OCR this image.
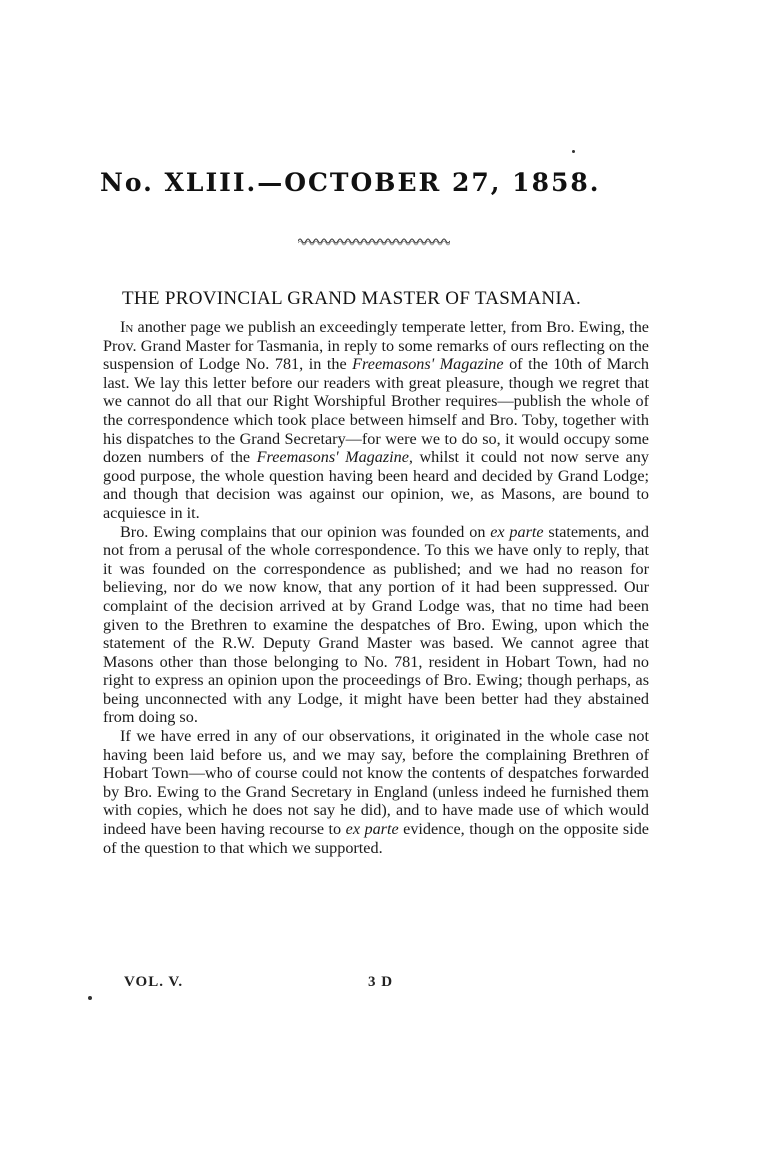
No. XLIII.—OCTOBER 27, 1858.
THE PROVINCIAL GRAND MASTER OF TASMANIA.

In another page we publish an exceedingly temperate letter, from Bro. Ewing, the Prov. Grand Master for Tasmania, in reply to some remarks of ours reflecting on the suspension of Lodge No. 781, in the Freemasons' Magazine of the 10th of March last. We lay this letter before our readers with great pleasure, though we regret that we cannot do all that our Right Worshipful Brother requires—publish the whole of the correspondence which took place between himself and Bro. Toby, together with his dispatches to the Grand Secretary—for were we to do so, it would occupy some dozen numbers of the Freemasons' Magazine, whilst it could not now serve any good purpose, the whole question having been heard and decided by Grand Lodge; and though that decision was against our opinion, we, as Masons, are bound to acquiesce in it.

Bro. Ewing complains that our opinion was founded on ex parte statements, and not from a perusal of the whole correspondence. To this we have only to reply, that it was founded on the correspondence as published; and we had no reason for believing, nor do we now know, that any portion of it had been suppressed. Our complaint of the decision arrived at by Grand Lodge was, that no time had been given to the Brethren to examine the despatches of Bro. Ewing, upon which the statement of the R.W. Deputy Grand Master was based. We cannot agree that Masons other than those belonging to No. 781, resident in Hobart Town, had no right to express an opinion upon the proceedings of Bro. Ewing; though perhaps, as being unconnected with any Lodge, it might have been better had they abstained from doing so.

If we have erred in any of our observations, it originated in the whole case not having been laid before us, and we may say, before the complaining Brethren of Hobart Town—who of course could not know the contents of despatches forwarded by Bro. Ewing to the Grand Secretary in England (unless indeed he furnished them with copies, which he does not say he did), and to have made use of which would indeed have been having recourse to ex parte evidence, though on the opposite side of the question to that which we supported.

VOL. V.	3 D
